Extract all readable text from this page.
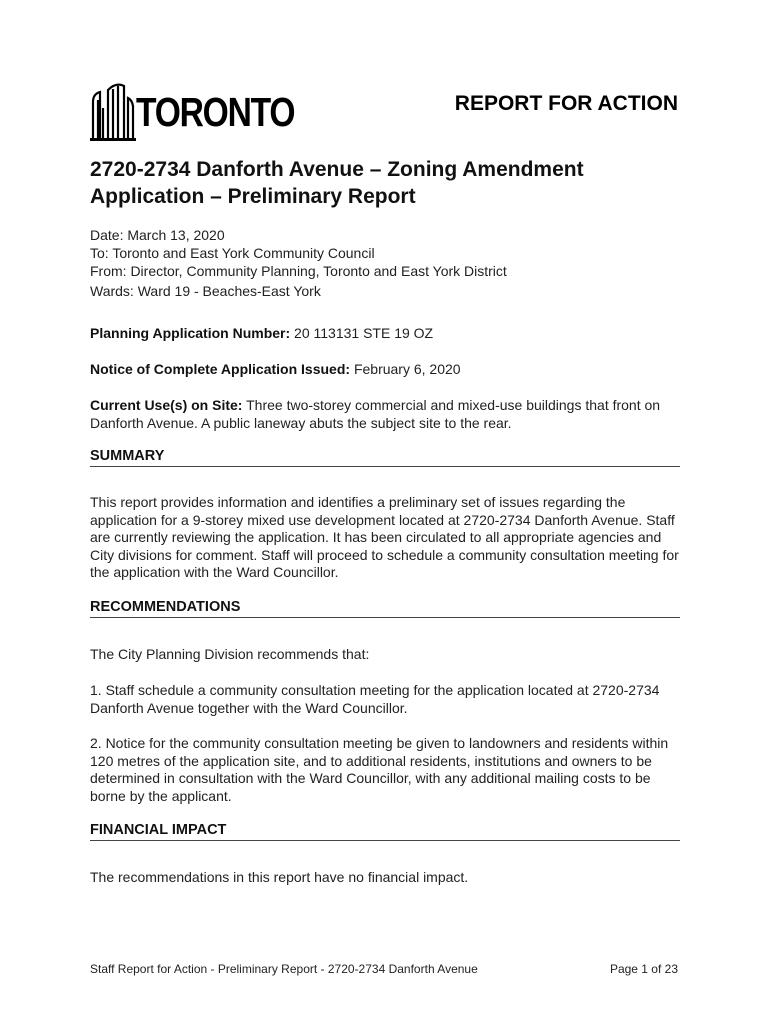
TORONTO	REPORT FOR ACTION
2720-2734 Danforth Avenue – Zoning Amendment Application – Preliminary Report
Date: March 13, 2020
To: Toronto and East York Community Council
From: Director, Community Planning, Toronto and East York District
Wards: Ward 19 - Beaches-East York
Planning Application Number: 20 113131 STE 19 OZ
Notice of Complete Application Issued: February 6, 2020
Current Use(s) on Site: Three two-storey commercial and mixed-use buildings that front on Danforth Avenue. A public laneway abuts the subject site to the rear.
SUMMARY
This report provides information and identifies a preliminary set of issues regarding the application for a 9-storey mixed use development located at 2720-2734 Danforth Avenue. Staff are currently reviewing the application. It has been circulated to all appropriate agencies and City divisions for comment. Staff will proceed to schedule a community consultation meeting for the application with the Ward Councillor.
RECOMMENDATIONS
The City Planning Division recommends that:
1. Staff schedule a community consultation meeting for the application located at 2720-2734 Danforth Avenue together with the Ward Councillor.
2. Notice for the community consultation meeting be given to landowners and residents within 120 metres of the application site, and to additional residents, institutions and owners to be determined in consultation with the Ward Councillor, with any additional mailing costs to be borne by the applicant.
FINANCIAL IMPACT
The recommendations in this report have no financial impact.
Staff Report for Action - Preliminary Report - 2720-2734 Danforth Avenue	Page 1 of 23
